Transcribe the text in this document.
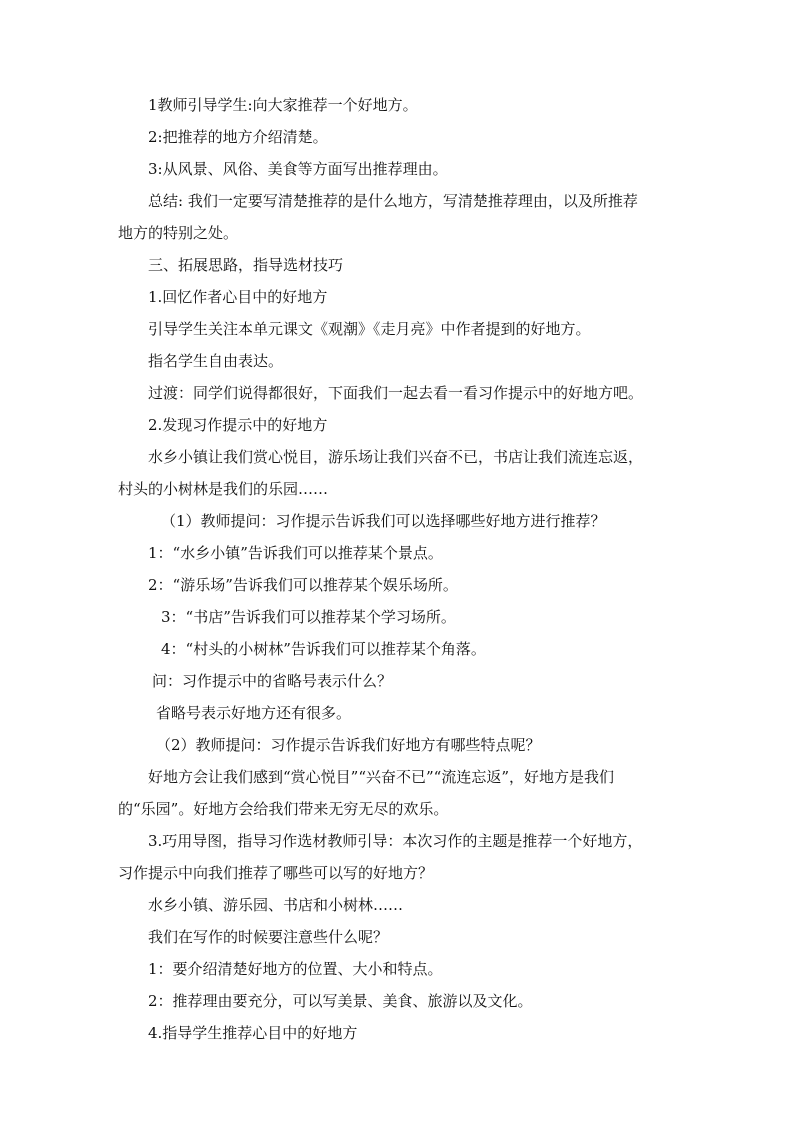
1教师引导学生:向大家推荐一个好地方。
2:把推荐的地方介绍清楚。
3:从风景、风俗、美食等方面写出推荐理由。
总结: 我们一定要写清楚推荐的是什么地方，写清楚推荐理由，以及所推荐
地方的特别之处。
三、拓展思路，指导选材技巧
1.回忆作者心目中的好地方
引导学生关注本单元课文《观潮》《走月亮》中作者提到的好地方。
指名学生自由表达。
过渡：同学们说得都很好，下面我们一起去看一看习作提示中的好地方吧。
2.发现习作提示中的好地方
水乡小镇让我们赏心悦目，游乐场让我们兴奋不已，书店让我们流连忘返，
村头的小树林是我们的乐园……
（1）教师提问：习作提示告诉我们可以选择哪些好地方进行推荐？
1：“水乡小镇”告诉我们可以推荐某个景点。
2：“游乐场”告诉我们可以推荐某个娱乐场所。
3：“书店”告诉我们可以推荐某个学习场所。
4：“村头的小树林”告诉我们可以推荐某个角落。
问：习作提示中的省略号表示什么？
省略号表示好地方还有很多。
（2）教师提问：习作提示告诉我们好地方有哪些特点呢？
好地方会让我们感到“赏心悦目”“兴奋不已”“流连忘返”，好地方是我们
的“乐园”。好地方会给我们带来无穷无尽的欢乐。
3.巧用导图，指导习作选材教师引导：本次习作的主题是推荐一个好地方，
习作提示中向我们推荐了哪些可以写的好地方？
水乡小镇、游乐园、书店和小树林……
我们在写作的时候要注意些什么呢？
1：要介绍清楚好地方的位置、大小和特点。
2：推荐理由要充分，可以写美景、美食、旅游以及文化。
4.指导学生推荐心目中的好地方
